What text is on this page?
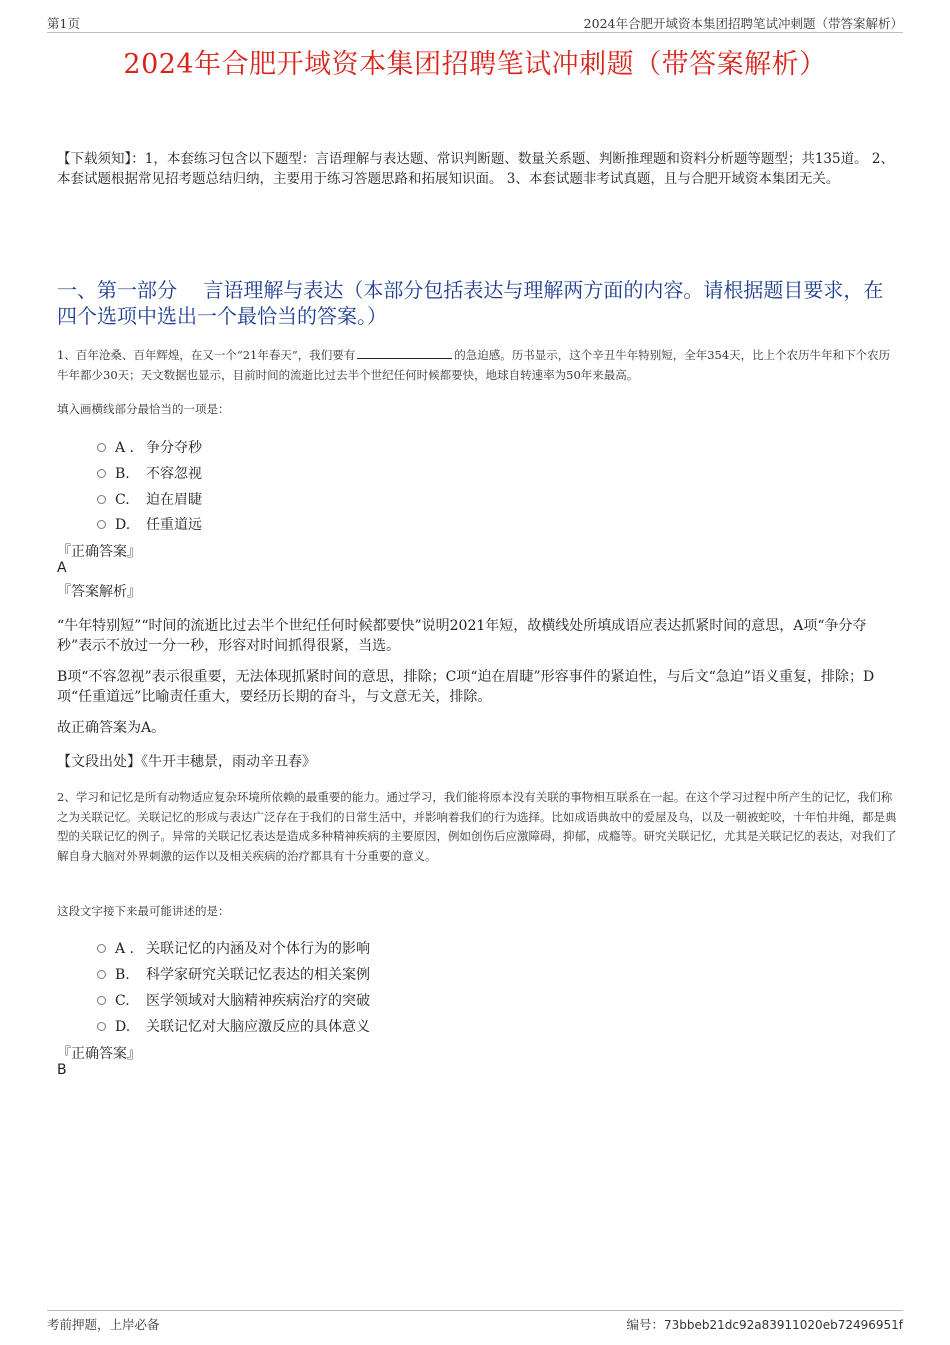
第1页	2024年合肥开域资本集团招聘笔试冲刺题（带答案解析）
2024年合肥开域资本集团招聘笔试冲刺题（带答案解析）
【下载须知】：1，本套练习包含以下题型：言语理解与表达题、常识判断题、数量关系题、判断推理题和资料分析题等题型；共135道。 2、本套试题根据常见招考题总结归纳，主要用于练习答题思路和拓展知识面。 3、本套试题非考试真题，且与合肥开域资本集团无关。
一、第一部分　 言语理解与表达（本部分包括表达与理解两方面的内容。请根据题目要求，在四个选项中选出一个最恰当的答案。）
1、百年沧桑、百年辉煌，在又一个“21年春天”，我们要有	的急迫感。历书显示，这个辛丑牛年特别短，全年354天，比上个农历牛年和下个农历牛年都少30天；天文数据也显示，目前时间的流逝比过去半个世纪任何时候都要快，地球自转速率为50年来最高。
填入画横线部分最恰当的一项是：
A . 争分夺秒
B. 不容忽视
C. 迫在眉睫
D. 任重道远
『正确答案』
A
『答案解析』
“牛年特别短”“时间的流逝比过去半个世纪任何时候都要快”说明2021年短，故横线处所填成语应表达抓紧时间的意思，A项“争分夺秒”表示不放过一分一秒，形容对时间抓得很紧，当选。
B项“不容忽视”表示很重要，无法体现抓紧时间的意思，排除；C项“迫在眉睫”形容事件的紧迫性，与后文“急迫”语义重复，排除；D项“任重道远”比喻责任重大，要经历长期的奋斗，与文意无关，排除。
故正确答案为A。
【文段出处】《牛开丰穗景，雨动辛丑春》
2、学习和记忆是所有动物适应复杂环境所依赖的最重要的能力。通过学习，我们能将原本没有关联的事物相互联系在一起。在这个学习过程中所产生的记忆，我们称之为关联记忆。关联记忆的形成与表达广泛存在于我们的日常生活中，并影响着我们的行为选择。比如成语典故中的爱屋及乌，以及一朝被蛇咬，十年怕井绳，都是典型的关联记忆的例子。异常的关联记忆表达是造成多种精神疾病的主要原因，例如创伤后应激障碍，抑郁，成瘾等。研究关联记忆，尤其是关联记忆的表达，对我们了解自身大脑对外界刺激的运作以及相关疾病的治疗都具有十分重要的意义。
这段文字接下来最可能讲述的是：
A . 关联记忆的内涵及对个体行为的影响
B. 科学家研究关联记忆表达的相关案例
C. 医学领域对大脑精神疾病治疗的突破
D. 关联记忆对大脑应激反应的具体意义
『正确答案』
B
考前押题，上岸必备	编号：73bbeb21dc92a83911020eb72496951f
